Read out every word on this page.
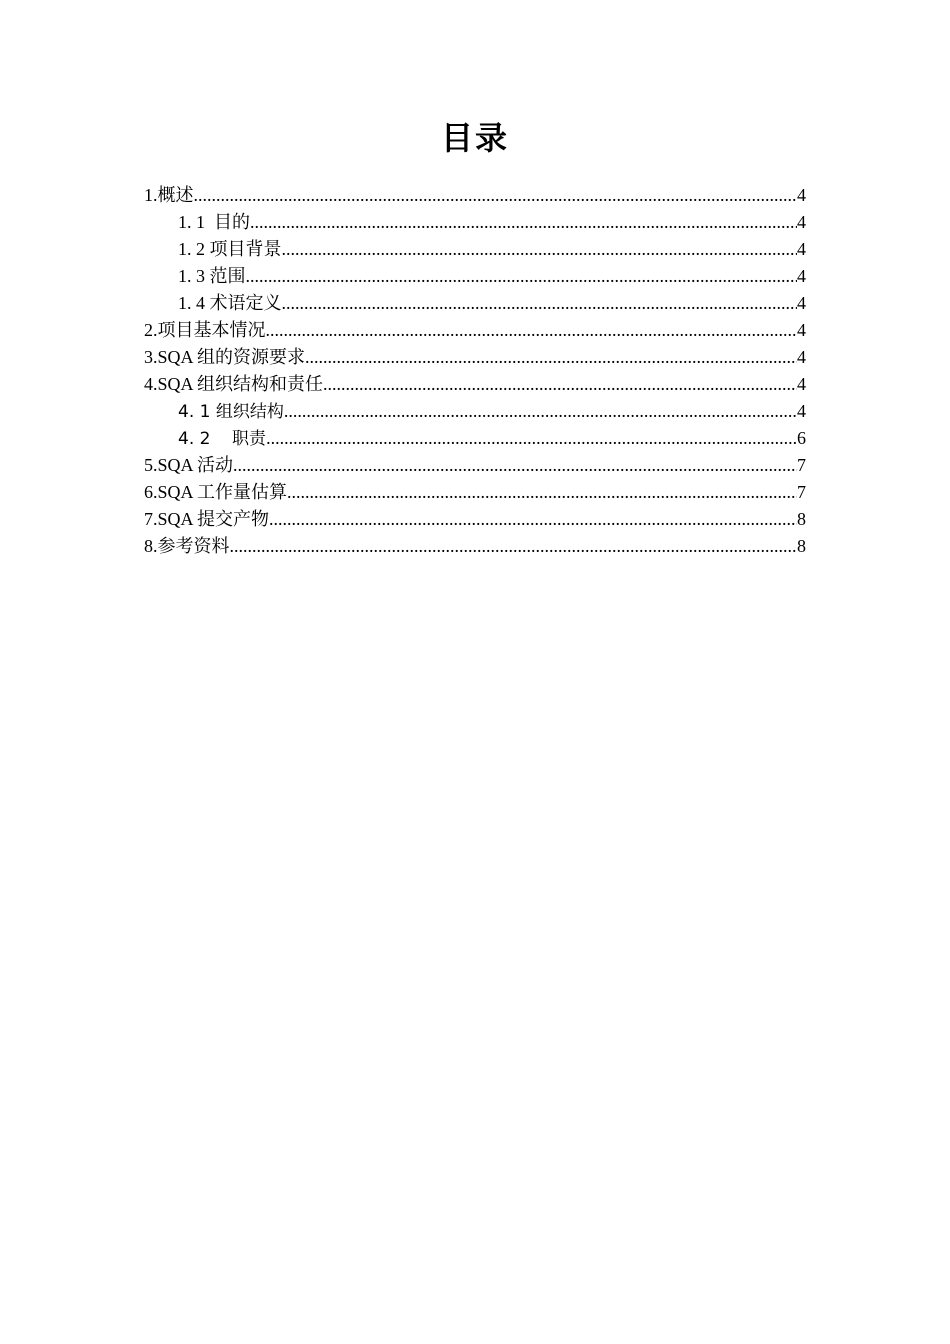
目录
1.概述 .....	4
1. 1  目的 .....	4
1. 2 项目背景 .....	4
1. 3 范围 .....	4
1. 4 术语定义 .....	4
2.项目基本情况 .....	4
3.SQA 组的资源要求 .....	4
4.SQA 组织结构和责任 .....	4
4. 1 组织结构 .....	4
4. 2    职责 .....	6
5.SQA 活动 .....	7
6.SQA 工作量估算 .....	7
7.SQA 提交产物 .....	8
8.参考资料 .....	8
